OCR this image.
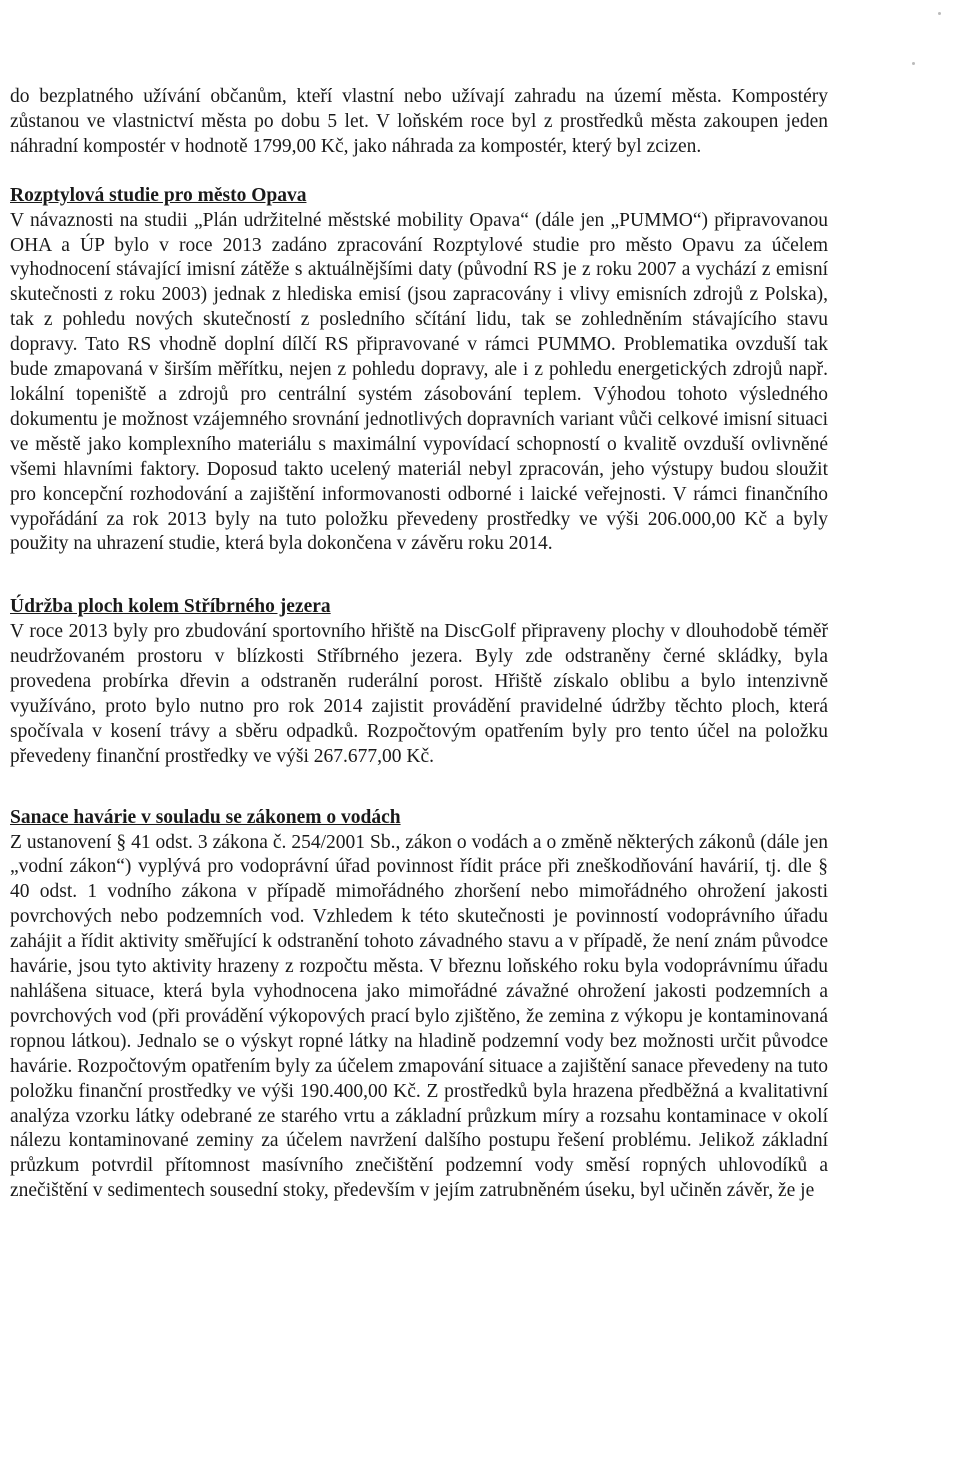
do bezplatného užívání občanům, kteří vlastní nebo užívají zahradu na území města. Kompostéry zůstanou ve vlastnictví města po dobu 5 let. V loňském roce byl z prostředků města zakoupen jeden náhradní kompostér v hodnotě 1799,00 Kč, jako náhrada za kompostér, který byl zcizen.

Rozptylová studie pro město Opava

V návaznosti na studii „Plán udržitelné městské mobility Opava“ (dále jen „PUMMO“) připravovanou OHA a ÚP bylo v roce 2013 zadáno zpracování Rozptylové studie pro město Opavu za účelem vyhodnocení stávající imisní zátěže s aktuálnějšími daty (původní RS je z roku 2007 a vychází z emisní skutečnosti z roku 2003) jednak z hlediska emisí (jsou zapracovány i vlivy emisních zdrojů z Polska), tak z pohledu nových skutečností z posledního sčítání lidu, tak se zohledněním stávajícího stavu dopravy. Tato RS vhodně doplní dílčí RS připravované v rámci PUMMO. Problematika ovzduší tak bude zmapovaná v širším měřítku, nejen z pohledu dopravy, ale i z pohledu energetických zdrojů např. lokální topeniště a zdrojů pro centrální systém zásobování teplem. Výhodou tohoto výsledného dokumentu je možnost vzájemného srovnání jednotlivých dopravních variant vůči celkové imisní situaci ve městě jako komplexního materiálu s maximální vypovídací schopností o kvalitě ovzduší ovlivněné všemi hlavními faktory. Doposud takto ucelený materiál nebyl zpracován, jeho výstupy budou sloužit pro koncepční rozhodování a zajištění informovanosti odborné i laické veřejnosti. V rámci finančního vypořádání za rok 2013 byly na tuto položku převedeny prostředky ve výši 206.000,00 Kč a byly použity na uhrazení studie, která byla dokončena v závěru roku 2014.

Údržba ploch kolem Stříbrného jezera

V roce 2013 byly pro zbudování sportovního hřiště na DiscGolf připraveny plochy v dlouhodobě téměř neudržovaném prostoru v blízkosti Stříbrného jezera. Byly zde odstraněny černé skládky, byla provedena probírka dřevin a odstraněn ruderální porost. Hřiště získalo oblibu a bylo intenzivně využíváno, proto bylo nutno pro rok 2014 zajistit provádění pravidelné údržby těchto ploch, která spočívala v kosení trávy a sběru odpadků. Rozpočtovým opatřením byly pro tento účel na položku převedeny finanční prostředky ve výši 267.677,00 Kč.

Sanace havárie v souladu se zákonem o vodách

Z ustanovení § 41 odst. 3 zákona č. 254/2001 Sb., zákon o vodách a o změně některých zákonů (dále jen „vodní zákon“) vyplývá pro vodoprávní úřad povinnost řídit práce při zneškodňování havárií, tj. dle § 40 odst. 1 vodního zákona v případě mimořádného zhoršení nebo mimořádného ohrožení jakosti povrchových nebo podzemních vod. Vzhledem k této skutečnosti je povinností vodoprávního úřadu zahájit a řídit aktivity směřující k odstranění tohoto závadného stavu a v případě, že není znám původce havárie, jsou tyto aktivity hrazeny z rozpočtu města. V březnu loňského roku byla vodoprávnímu úřadu nahlášena situace, která byla vyhodnocena jako mimořádné závažné ohrožení jakosti podzemních a povrchových vod (při provádění výkopových prací bylo zjištěno, že zemina z výkopu je kontaminovaná ropnou látkou). Jednalo se o výskyt ropné látky na hladině podzemní vody bez možnosti určit původce havárie. Rozpočtovým opatřením byly za účelem zmapování situace a zajištění sanace převedeny na tuto položku finanční prostředky ve výši 190.400,00 Kč. Z prostředků byla hrazena předběžná a kvalitativní analýza vzorku látky odebrané ze starého vrtu a základní průzkum míry a rozsahu kontaminace v okolí nálezu kontaminované zeminy za účelem navržení dalšího postupu řešení problému. Jelikož základní průzkum potvrdil přítomnost masívního znečištění podzemní vody směsí ropných uhlovodíků a znečištění v sedimentech sousední stoky, především v jejím zatrubněném úseku, byl učiněn závěr, že je
